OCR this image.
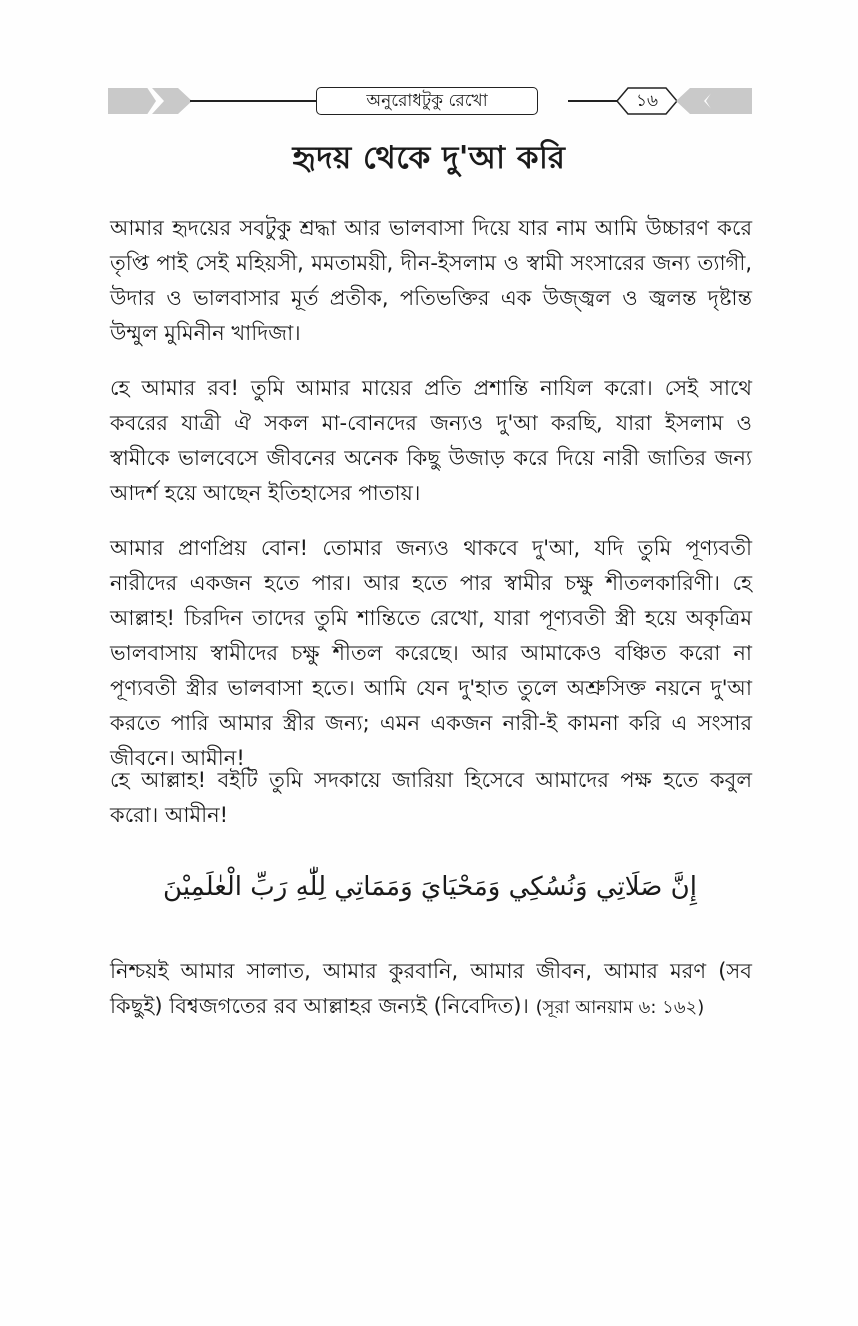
অনুরোধটুকু রেখো	১৬
হৃদয় থেকে দু'আ করি

আমার হৃদয়ের সবটুকু শ্রদ্ধা আর ভালবাসা দিয়ে যার নাম আমি উচ্চারণ করে তৃপ্তি পাই সেই মহিয়সী, মমতাময়ী, দীন-ইসলাম ও স্বামী সংসারের জন্য ত্যাগী, উদার ও ভালবাসার মূর্ত প্রতীক, পতিভক্তির এক উজ্জ্বল ও জ্বলন্ত দৃষ্টান্ত উম্মুল মুমিনীন খাদিজা।

হে আমার রব! তুমি আমার মায়ের প্রতি প্রশান্তি নাযিল করো। সেই সাথে কবরের যাত্রী ঐ সকল মা-বোনদের জন্যও দু'আ করছি, যারা ইসলাম ও স্বামীকে ভালবেসে জীবনের অনেক কিছু উজাড় করে দিয়ে নারী জাতির জন্য আদর্শ হয়ে আছেন ইতিহাসের পাতায়।

আমার প্রাণপ্রিয় বোন! তোমার জন্যও থাকবে দু'আ, যদি তুমি পূণ্যবতী নারীদের একজন হতে পার। আর হতে পার স্বামীর চক্ষু শীতলকারিণী। হে আল্লাহ! চিরদিন তাদের তুমি শান্তিতে রেখো, যারা পূণ্যবতী স্ত্রী হয়ে অকৃত্রিম ভালবাসায় স্বামীদের চক্ষু শীতল করেছে। আর আমাকেও বঞ্চিত করো না পূণ্যবতী স্ত্রীর ভালবাসা হতে। আমি যেন দু'হাত তুলে অশ্রুসিক্ত নয়নে দু'আ করতে পারি আমার স্ত্রীর জন্য; এমন একজন নারী-ই কামনা করি এ সংসার জীবনে। আমীন!

হে আল্লাহ! বইটি তুমি সদকায়ে জারিয়া হিসেবে আমাদের পক্ষ হতে কবুল করো। আমীন!

إِنَّ صَلَاتِي وَنُسُكِي وَمَحْيَايَ وَمَمَاتِي لِلّٰهِ رَبِّ الْعٰلَمِيْنَ

নিশ্চয়ই আমার সালাত, আমার কুরবানি, আমার জীবন, আমার মরণ (সব কিছুই) বিশ্বজগতের রব আল্লাহর জন্যই (নিবেদিত)। (সূরা আনয়াম ৬: ১৬২)
